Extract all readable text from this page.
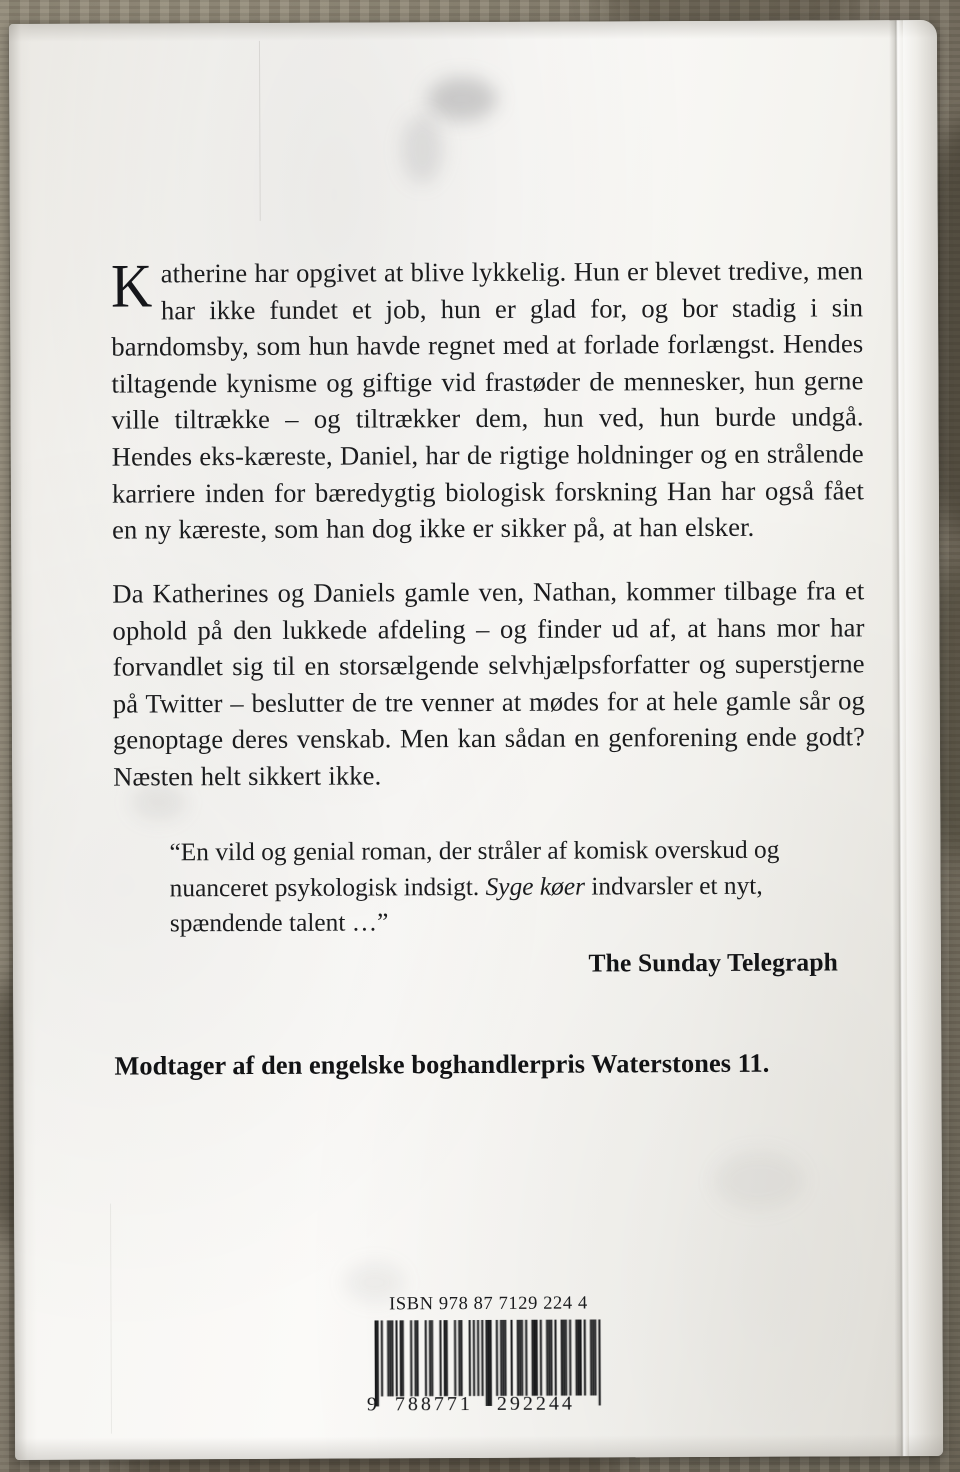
K atherine har opgivet at blive lykkelig. Hun er blevet tredive, men har ikke fundet et job, hun er glad for, og bor stadig i sin barndomsby, som hun havde regnet med at forlade forlængst. Hendes tiltagende kynisme og giftige vid frastøder de mennesker, hun gerne ville tiltrække – og tiltrækker dem, hun ved, hun burde undgå. Hendes eks-kæreste, Daniel, har de rigtige holdninger og en strålende karriere inden for bæredygtig biologisk forskning Han har også fået en ny kæreste, som han dog ikke er sikker på, at han elsker.

Da Katherines og Daniels gamle ven, Nathan, kommer tilbage fra et ophold på den lukkede afdeling – og finder ud af, at hans mor har forvandlet sig til en storsælgende selvhjælpsforfatter og superstjerne på Twitter – beslutter de tre venner at mødes for at hele gamle sår og genoptage deres venskab. Men kan sådan en genforening ende godt? Næsten helt sikkert ikke.

“En vild og genial roman, der stråler af komisk overskud og nuanceret psykologisk indsigt. Syge køer indvarsler et nyt, spændende talent …”

The Sunday Telegraph
Modtager af den engelske boghandlerpris Waterstones 11.
ISBN 978 87 7129 224 4
9 788771 292244
